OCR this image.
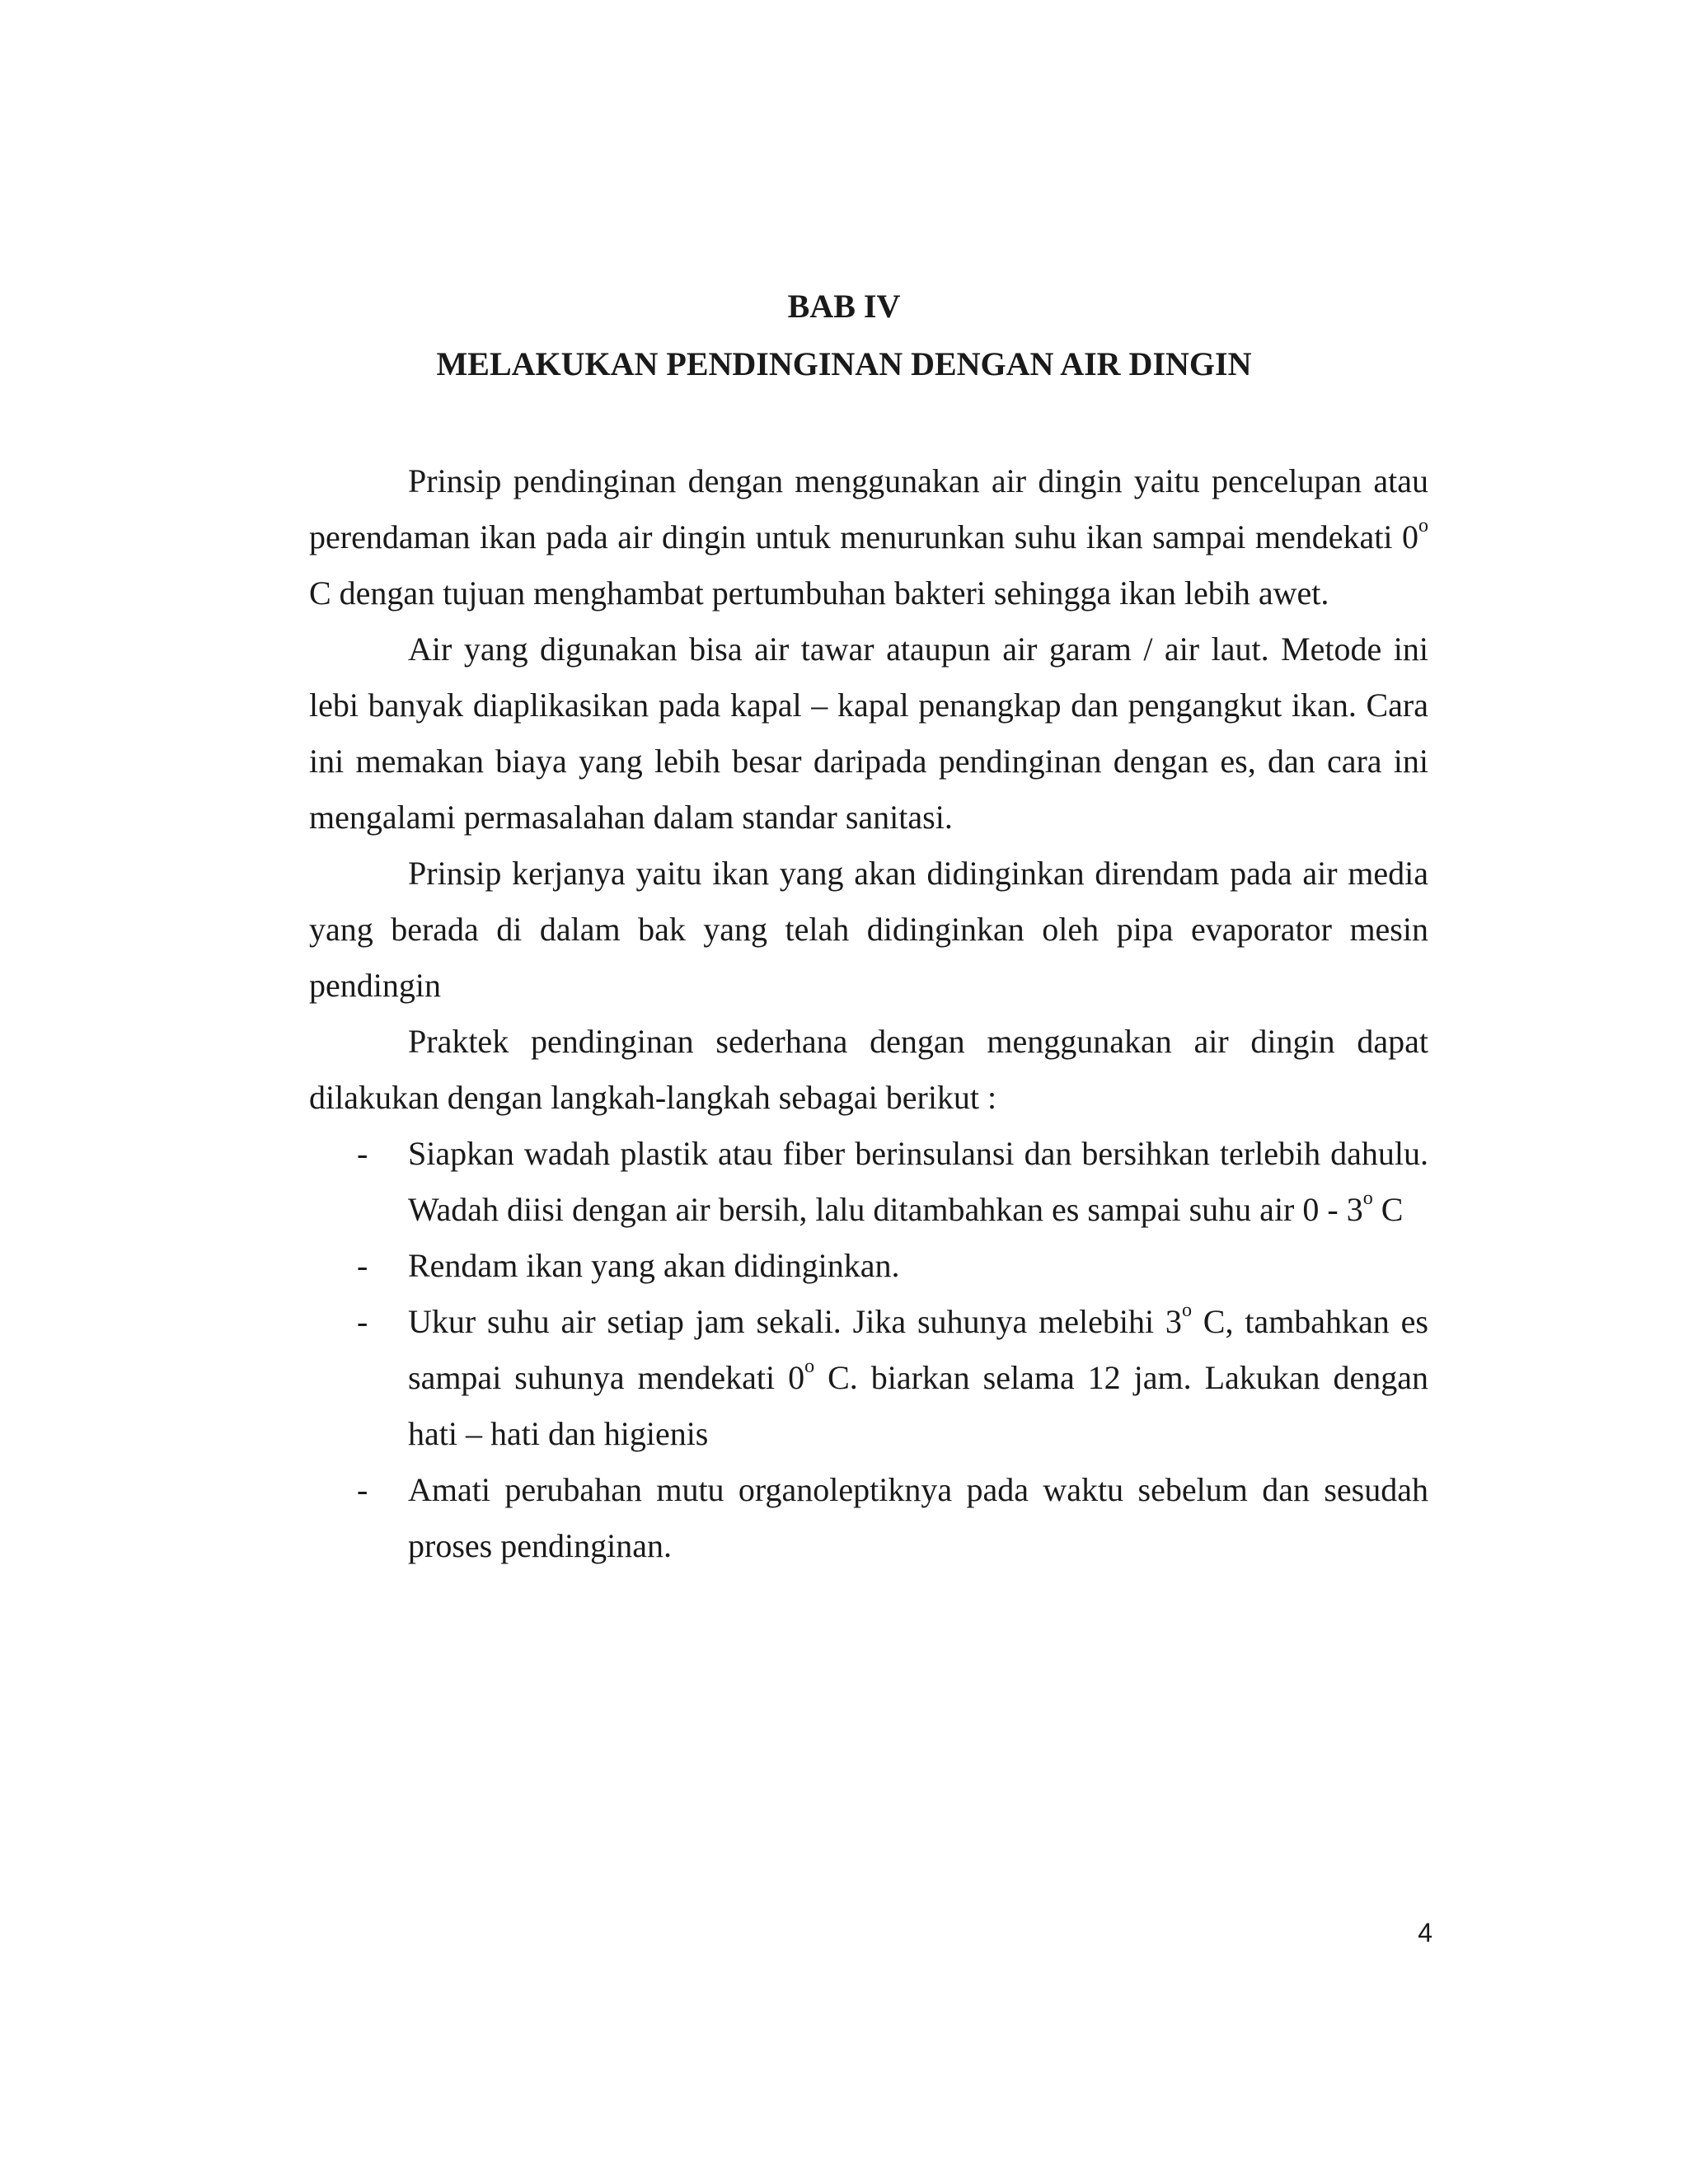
BAB IV
MELAKUKAN PENDINGINAN DENGAN AIR DINGIN

Prinsip pendinginan dengan menggunakan air dingin yaitu pencelupan atau perendaman ikan pada air dingin untuk menurunkan suhu ikan sampai mendekati 0$^o$ C dengan tujuan menghambat pertumbuhan bakteri sehingga ikan lebih awet.

Air yang digunakan bisa air tawar ataupun air garam / air laut. Metode ini lebi banyak diaplikasikan pada kapal – kapal penangkap dan pengangkut ikan. Cara ini memakan biaya yang lebih besar daripada pendinginan dengan es, dan cara ini mengalami permasalahan dalam standar sanitasi.

Prinsip kerjanya yaitu ikan yang akan didinginkan direndam pada air media yang berada di dalam bak yang telah didinginkan oleh pipa evaporator mesin pendingin

Praktek pendinginan sederhana dengan menggunakan air dingin dapat dilakukan dengan langkah-langkah sebagai berikut :

- Siapkan wadah plastik atau fiber berinsulansi dan bersihkan terlebih dahulu. Wadah diisi dengan air bersih, lalu ditambahkan es sampai suhu air 0 - 3$^o$ C
- Rendam ikan yang akan didinginkan.
- Ukur suhu air setiap jam sekali. Jika suhunya melebihi 3$^o$ C, tambahkan es sampai suhunya mendekati 0$^o$ C. biarkan selama 12 jam. Lakukan dengan hati – hati dan higienis
- Amati perubahan mutu organoleptiknya pada waktu sebelum dan sesudah proses pendinginan.
4
